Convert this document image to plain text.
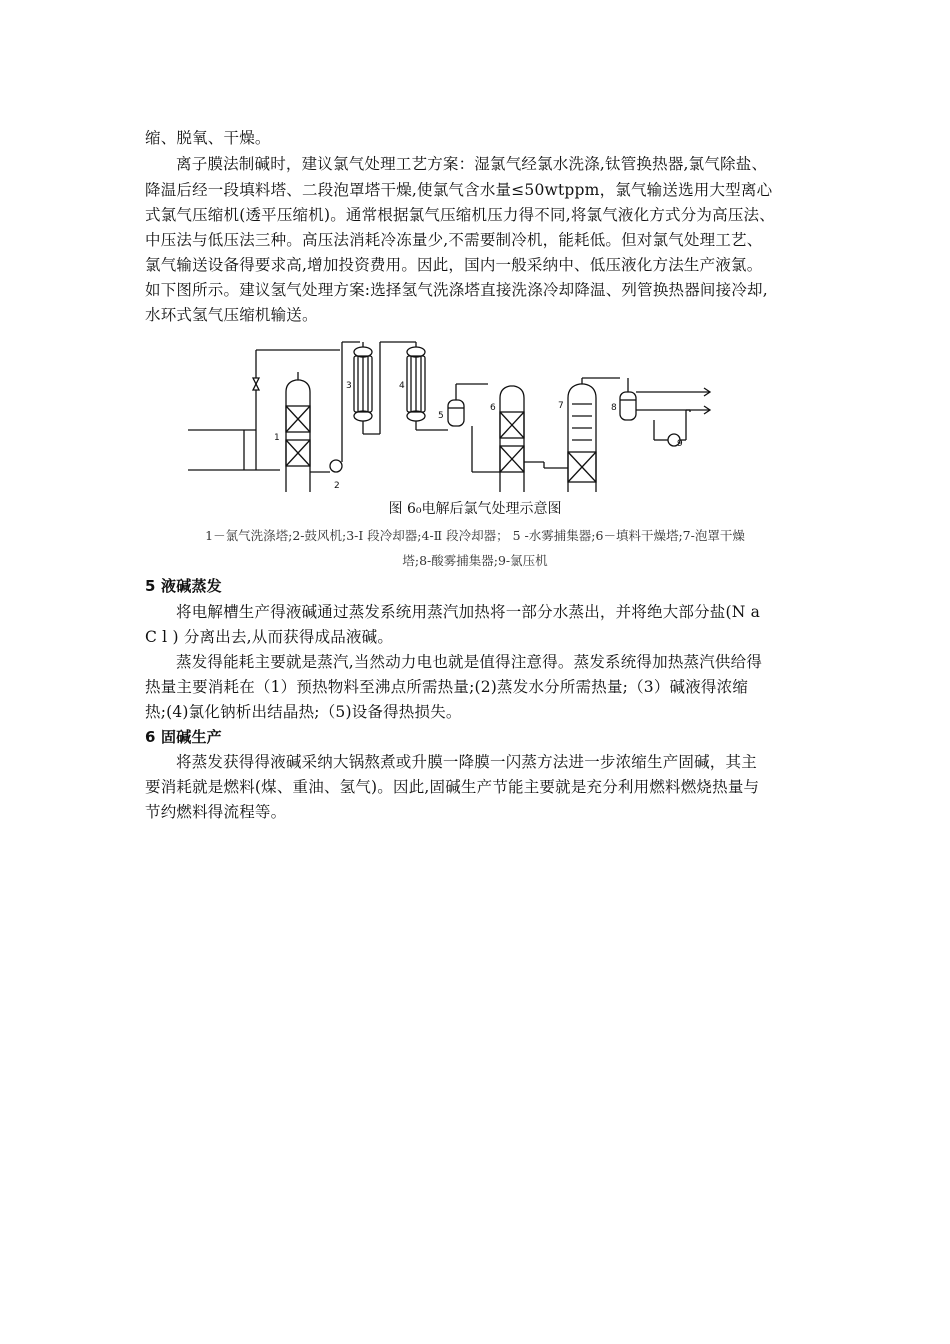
缩、脱氧、干燥。
离子膜法制碱时，建议氯气处理工艺方案：湿氯气经氯水洗涤,钛管换热器,氯气除盐、
降温后经一段填料塔、二段泡罩塔干燥,使氯气含水量≤50wtppm，氯气输送选用大型离心
式氯气压缩机(透平压缩机)。通常根据氯气压缩机压力得不同,将氯气液化方式分为高压法、
中压法与低压法三种。高压法消耗冷冻量少,不需要制冷机，能耗低。但对氯气处理工艺、
氯气输送设备得要求高,增加投资费用。因此，国内一般采纳中、低压液化方法生产液氯。
如下图所示。建议氢气处理方案:选择氢气洗涤塔直接洗涤冷却降温、列管换热器间接冷却,
水环式氢气压缩机输送。
1
2
3	4
5
6	7	8
9
图 6₀电解后氯气处理示意图
1－氯气洗涤塔;2-鼓风机;3-Ⅰ 段冷却器;4-Ⅱ 段冷却器； 5 -水雾捕集器;6－填料干燥塔;7-泡罩干燥
塔;8-酸雾捕集器;9-氯压机
5 液碱蒸发
将电解槽生产得液碱通过蒸发系统用蒸汽加热将一部分水蒸出，并将绝大部分盐(N a
C l ) 分离出去,从而获得成品液碱。
蒸发得能耗主要就是蒸汽,当然动力电也就是值得注意得。蒸发系统得加热蒸汽供给得
热量主要消耗在（1）预热物料至沸点所需热量;(2)蒸发水分所需热量;（3）碱液得浓缩
热;(4)氯化钠析出结晶热;（5)设备得热损失。
6 固碱生产
将蒸发获得得液碱采纳大锅熬煮或升膜一降膜一闪蒸方法进一步浓缩生产固碱，其主
要消耗就是燃料(煤、重油、氢气)。因此,固碱生产节能主要就是充分利用燃料燃烧热量与
节约燃料得流程等。
